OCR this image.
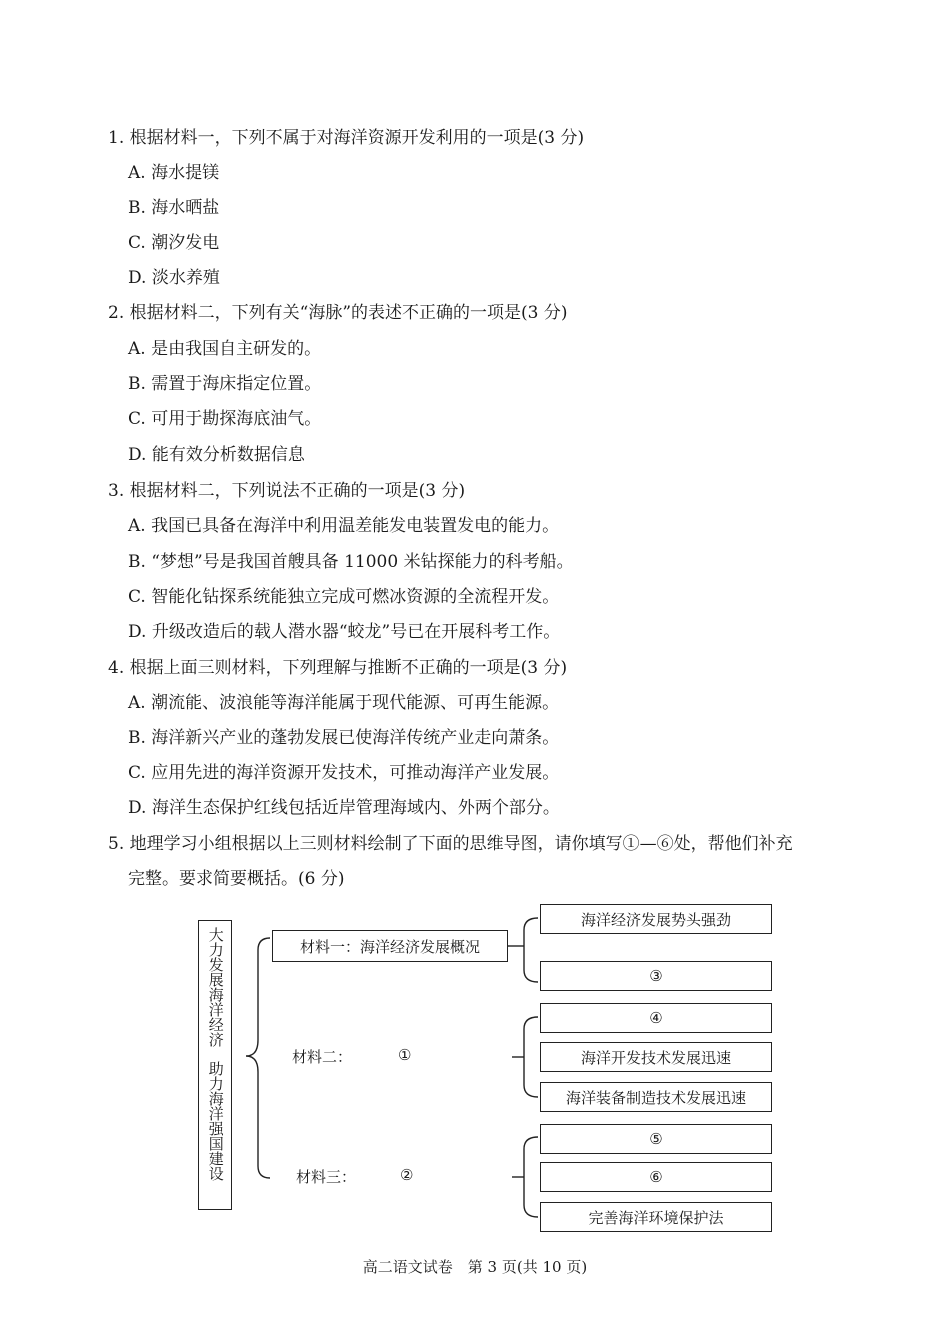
1. 根据材料一，下列不属于对海洋资源开发利用的一项是(3 分)
A. 海水提镁
B. 海水晒盐
C. 潮汐发电
D. 淡水养殖
2. 根据材料二，下列有关“海脉”的表述不正确的一项是(3 分)
A. 是由我国自主研发的。
B. 需置于海床指定位置。
C. 可用于勘探海底油气。
D. 能有效分析数据信息
3. 根据材料二，下列说法不正确的一项是(3 分)
A. 我国已具备在海洋中利用温差能发电装置发电的能力。
B. “梦想”号是我国首艘具备 11000 米钻探能力的科考船。
C. 智能化钻探系统能独立完成可燃冰资源的全流程开发。
D. 升级改造后的载人潜水器“蛟龙”号已在开展科考工作。
4. 根据上面三则材料，下列理解与推断不正确的一项是(3 分)
A. 潮流能、波浪能等海洋能属于现代能源、可再生能源。
B. 海洋新兴产业的蓬勃发展已使海洋传统产业走向萧条。
C. 应用先进的海洋资源开发技术，可推动海洋产业发展。
D. 海洋生态保护红线包括近岸管理海域内、外两个部分。
5. 地理学习小组根据以上三则材料绘制了下面的思维导图，请你填写①—⑥处，帮他们补充
完整。要求简要概括。(6 分)
大力发展海洋经济
助力海洋强国建设
材料一：海洋经济发展概况
材料二：	①
材料三：	②
海洋经济发展势头强劲
③
④
海洋开发技术发展迅速
海洋装备制造技术发展迅速
⑤
⑥
完善海洋环境保护法
高二语文试卷　第 3 页(共 10 页)
